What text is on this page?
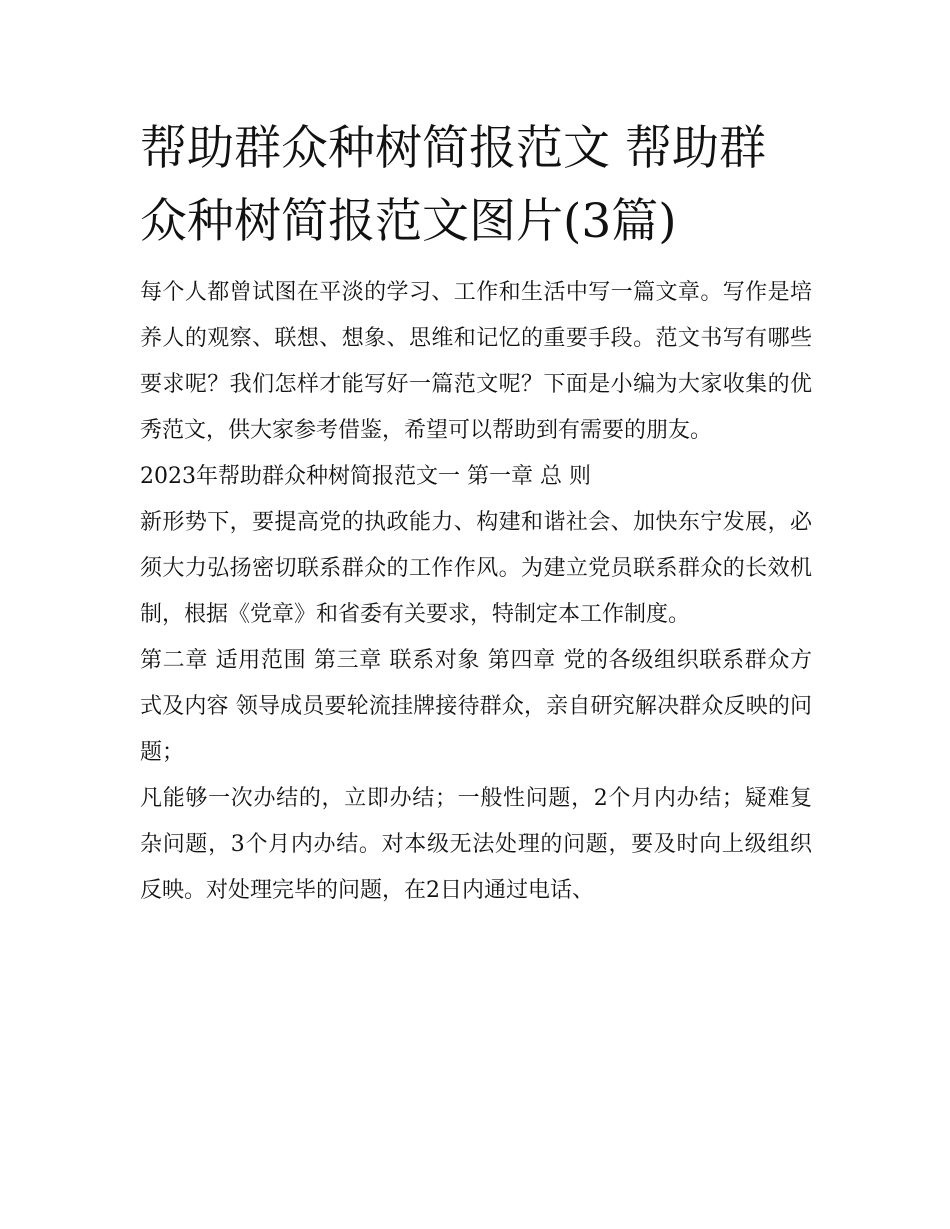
帮助群众种树简报范文 帮助群
众种树简报范文图片(3篇)

每个人都曾试图在平淡的学习、工作和生活中写一篇文章。写作是培养人的观察、联想、想象、思维和记忆的重要手段。范文书写有哪些要求呢？我们怎样才能写好一篇范文呢？下面是小编为大家收集的优秀范文，供大家参考借鉴，希望可以帮助到有需要的朋友。

2023年帮助群众种树简报范文一 第一章 总 则

新形势下，要提高党的执政能力、构建和谐社会、加快东宁发展，必须大力弘扬密切联系群众的工作作风。为建立党员联系群众的长效机制，根据《党章》和省委有关要求，特制定本工作制度。

第二章 适用范围 第三章 联系对象 第四章 党的各级组织联系群众方式及内容 领导成员要轮流挂牌接待群众，亲自研究解决群众反映的问题；

凡能够一次办结的，立即办结；一般性问题，2个月内办结；疑难复杂问题，3个月内办结。对本级无法处理的问题，要及时向上级组织反映。对处理完毕的问题，在2日内通过电话、
